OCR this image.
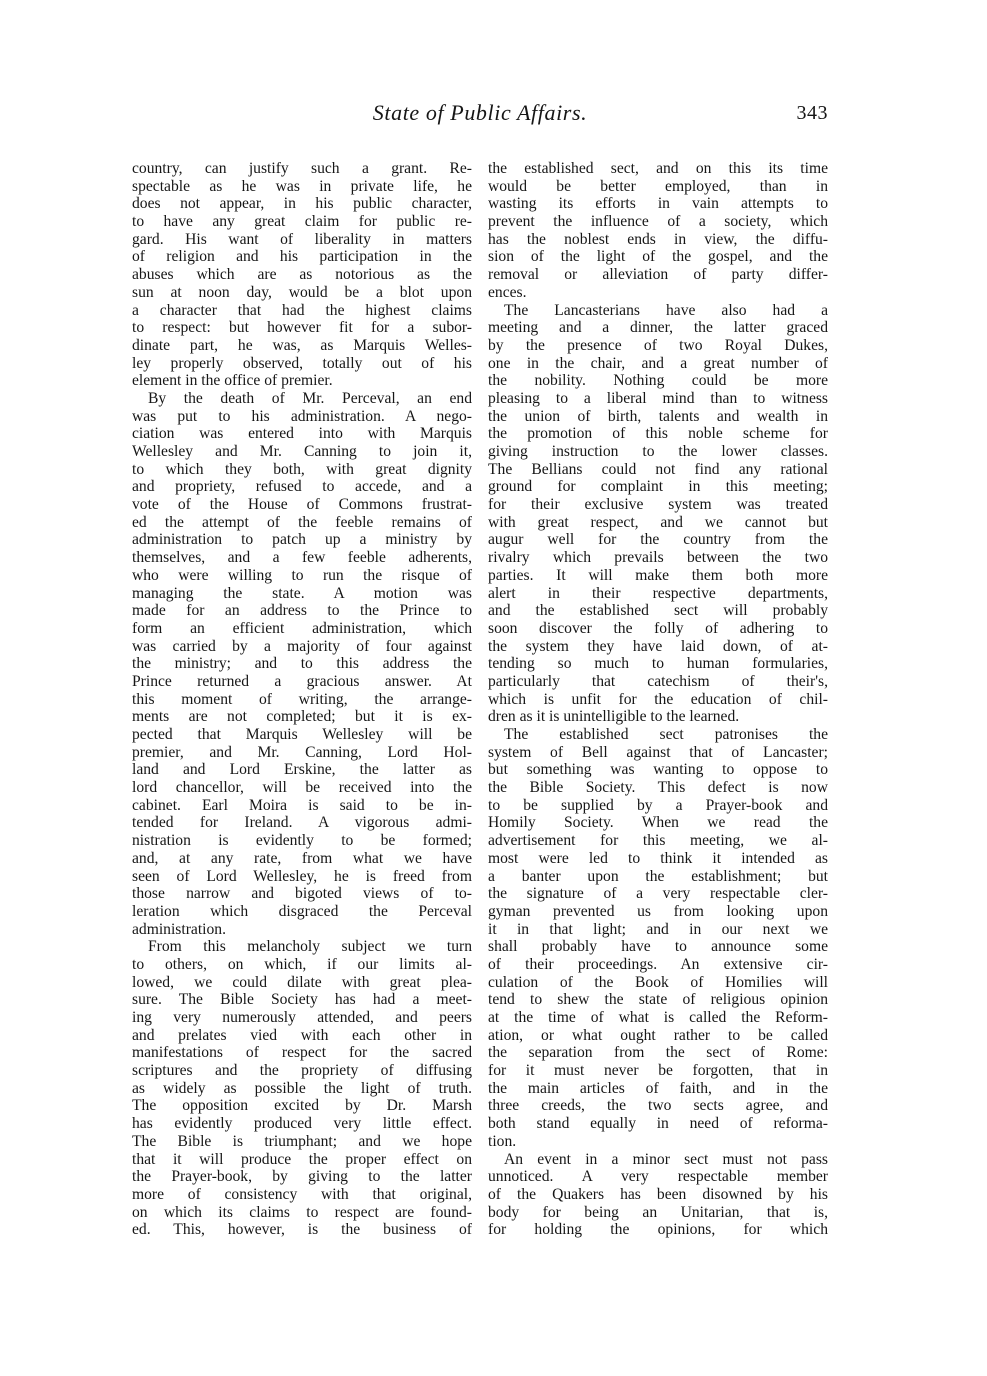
State of Public Affairs.	343
country, can justify such a grant. Re-
spectable as he was in private life, he
does not appear, in his public character,
to have any great claim for public re-
gard. His want of liberality in matters
of religion and his participation in the
abuses which are as notorious as the
sun at noon day, would be a blot upon
a character that had the highest claims
to respect: but however fit for a subor-
dinate part, he was, as Marquis Welles-
ley properly observed, totally out of his
element in the office of premier.
By the death of Mr. Perceval, an end
was put to his administration. A nego-
ciation was entered into with Marquis
Wellesley and Mr. Canning to join it,
to which they both, with great dignity
and propriety, refused to accede, and a
vote of the House of Commons frustrat-
ed the attempt of the feeble remains of
administration to patch up a ministry by
themselves, and a few feeble adherents,
who were willing to run the risque of
managing the state. A motion was
made for an address to the Prince to
form an efficient administration, which
was carried by a majority of four against
the ministry; and to this address the
Prince returned a gracious answer. At
this moment of writing, the arrange-
ments are not completed; but it is ex-
pected that Marquis Wellesley will be
premier, and Mr. Canning, Lord Hol-
land and Lord Erskine, the latter as
lord chancellor, will be received into the
cabinet. Earl Moira is said to be in-
tended for Ireland. A vigorous admi-
nistration is evidently to be formed;
and, at any rate, from what we have
seen of Lord Wellesley, he is freed from
those narrow and bigoted views of to-
leration which disgraced the Perceval
administration.
From this melancholy subject we turn
to others, on which, if our limits al-
lowed, we could dilate with great plea-
sure. The Bible Society has had a meet-
ing very numerously attended, and peers
and prelates vied with each other in
manifestations of respect for the sacred
scriptures and the propriety of diffusing
as widely as possible the light of truth.
The opposition excited by Dr. Marsh
has evidently produced very little effect.
The Bible is triumphant; and we hope
that it will produce the proper effect on
the Prayer-book, by giving to the latter
more of consistency with that original,
on which its claims to respect are found-
ed. This, however, is the business of
the established sect, and on this its time
would be better employed, than in
wasting its efforts in vain attempts to
prevent the influence of a society, which
has the noblest ends in view, the diffu-
sion of the light of the gospel, and the
removal or alleviation of party differ-
ences.
The Lancasterians have also had a
meeting and a dinner, the latter graced
by the presence of two Royal Dukes,
one in the chair, and a great number of
the nobility. Nothing could be more
pleasing to a liberal mind than to witness
the union of birth, talents and wealth in
the promotion of this noble scheme for
giving instruction to the lower classes.
The Bellians could not find any rational
ground for complaint in this meeting;
for their exclusive system was treated
with great respect, and we cannot but
augur well for the country from the
rivalry which prevails between the two
parties. It will make them both more
alert in their respective departments,
and the established sect will probably
soon discover the folly of adhering to
the system they have laid down, of at-
tending so much to human formularies,
particularly that catechism of their's,
which is unfit for the education of chil-
dren as it is unintelligible to the learned.
The established sect patronises the
system of Bell against that of Lancaster;
but something was wanting to oppose to
the Bible Society. This defect is now
to be supplied by a Prayer-book and
Homily Society. When we read the
advertisement for this meeting, we al-
most were led to think it intended as
a banter upon the establishment; but
the signature of a very respectable cler-
gyman prevented us from looking upon
it in that light; and in our next we
shall probably have to announce some
of their proceedings. An extensive cir-
culation of the Book of Homilies will
tend to shew the state of religious opinion
at the time of what is called the Reform-
ation, or what ought rather to be called
the separation from the sect of Rome:
for it must never be forgotten, that in
the main articles of faith, and in the
three creeds, the two sects agree, and
both stand equally in need of reforma-
tion.
An event in a minor sect must not pass
unnoticed. A very respectable member
of the Quakers has been disowned by his
body for being an Unitarian, that is,
for holding the opinions, for which
